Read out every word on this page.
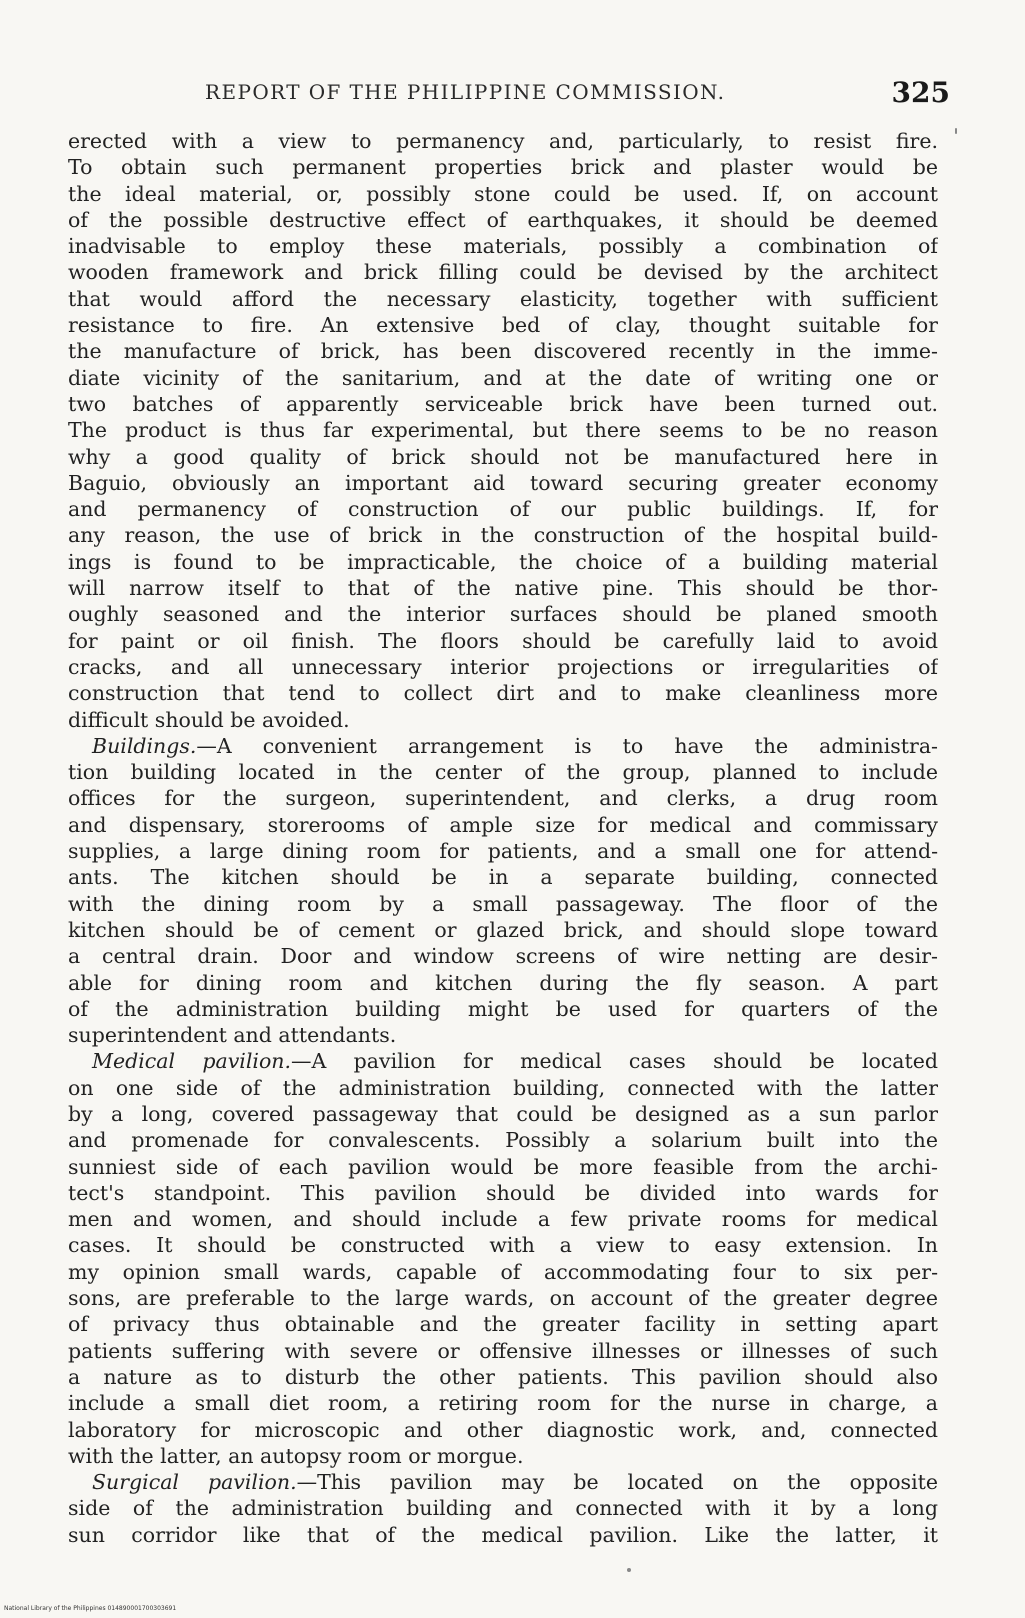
REPORT OF THE PHILIPPINE COMMISSION.	325
erected with a view to permanency and, particularly, to resist fire.
To obtain such permanent properties brick and plaster would be
the ideal material, or, possibly stone could be used. If, on account
of the possible destructive effect of earthquakes, it should be deemed
inadvisable to employ these materials, possibly a combination of
wooden framework and brick filling could be devised by the architect
that would afford the necessary elasticity, together with sufficient
resistance to fire. An extensive bed of clay, thought suitable for
the manufacture of brick, has been discovered recently in the imme-
diate vicinity of the sanitarium, and at the date of writing one or
two batches of apparently serviceable brick have been turned out.
The product is thus far experimental, but there seems to be no reason
why a good quality of brick should not be manufactured here in
Baguio, obviously an important aid toward securing greater economy
and permanency of construction of our public buildings. If, for
any reason, the use of brick in the construction of the hospital build-
ings is found to be impracticable, the choice of a building material
will narrow itself to that of the native pine. This should be thor-
oughly seasoned and the interior surfaces should be planed smooth
for paint or oil finish. The floors should be carefully laid to avoid
cracks, and all unnecessary interior projections or irregularities of
construction that tend to collect dirt and to make cleanliness more
difficult should be avoided.
Buildings.—A convenient arrangement is to have the administra-
tion building located in the center of the group, planned to include
offices for the surgeon, superintendent, and clerks, a drug room
and dispensary, storerooms of ample size for medical and commissary
supplies, a large dining room for patients, and a small one for attend-
ants. The kitchen should be in a separate building, connected
with the dining room by a small passageway. The floor of the
kitchen should be of cement or glazed brick, and should slope toward
a central drain. Door and window screens of wire netting are desir-
able for dining room and kitchen during the fly season. A part
of the administration building might be used for quarters of the
superintendent and attendants.
Medical pavilion.—A pavilion for medical cases should be located
on one side of the administration building, connected with the latter
by a long, covered passageway that could be designed as a sun parlor
and promenade for convalescents. Possibly a solarium built into the
sunniest side of each pavilion would be more feasible from the archi-
tect's standpoint. This pavilion should be divided into wards for
men and women, and should include a few private rooms for medical
cases. It should be constructed with a view to easy extension. In
my opinion small wards, capable of accommodating four to six per-
sons, are preferable to the large wards, on account of the greater degree
of privacy thus obtainable and the greater facility in setting apart
patients suffering with severe or offensive illnesses or illnesses of such
a nature as to disturb the other patients. This pavilion should also
include a small diet room, a retiring room for the nurse in charge, a
laboratory for microscopic and other diagnostic work, and, connected
with the latter, an autopsy room or morgue.
Surgical pavilion.—This pavilion may be located on the opposite
side of the administration building and connected with it by a long
sun corridor like that of the medical pavilion. Like the latter, it
National Library of the Philippines 014890001700303691
